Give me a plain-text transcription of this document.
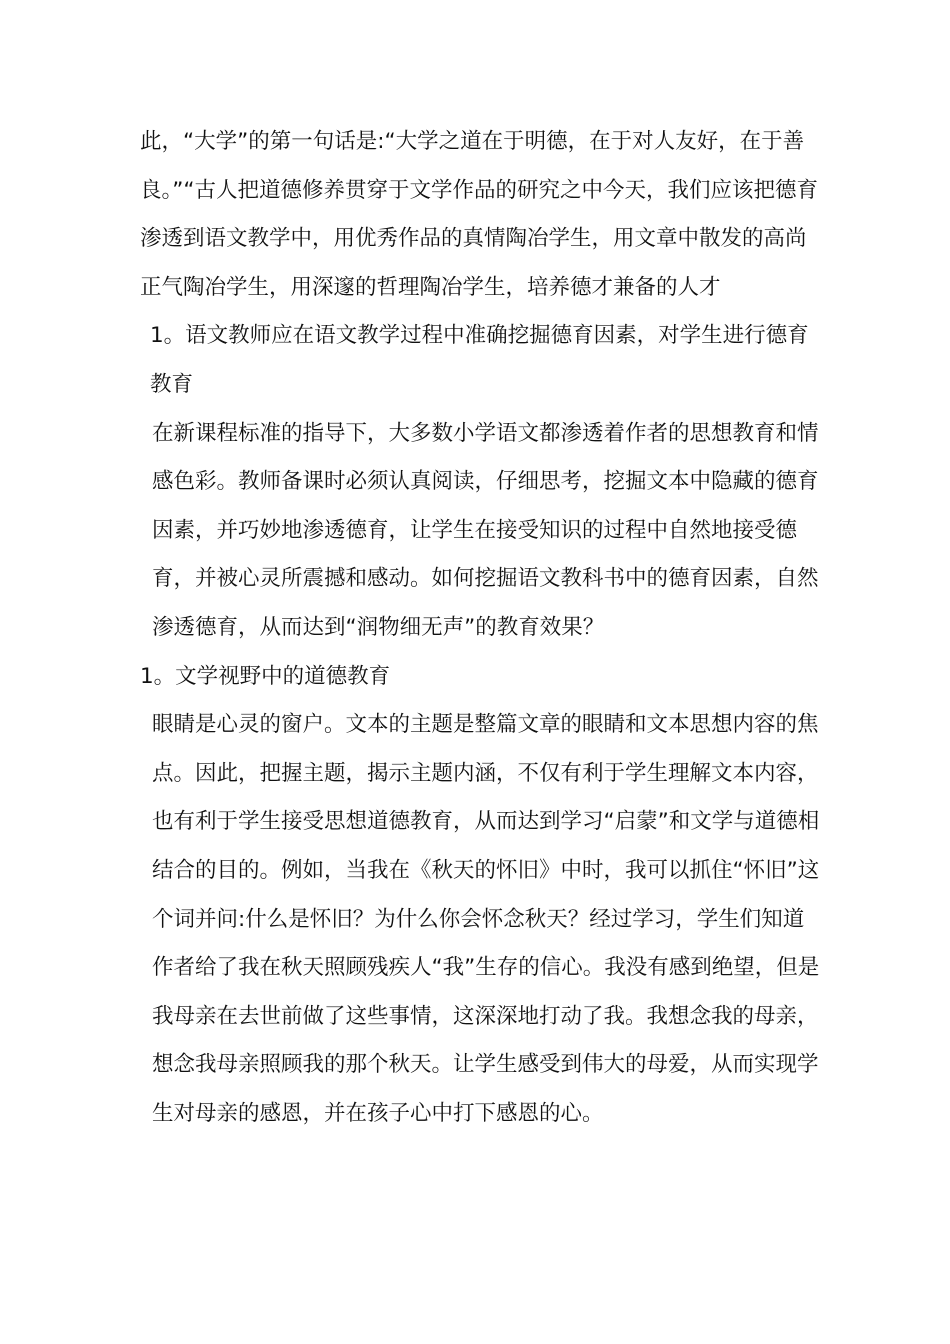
此，“大学”的第一句话是:“大学之道在于明德，在于对人友好，在于善良。”“古人把道德修养贯穿于文学作品的研究之中今天，我们应该把德育渗透到语文教学中，用优秀作品的真情陶冶学生，用文章中散发的高尚正气陶冶学生，用深邃的哲理陶冶学生，培养德才兼备的人才

1。语文教师应在语文教学过程中准确挖掘德育因素，对学生进行德育教育

在新课程标准的指导下，大多数小学语文都渗透着作者的思想教育和情感色彩。教师备课时必须认真阅读，仔细思考，挖掘文本中隐藏的德育因素，并巧妙地渗透德育，让学生在接受知识的过程中自然地接受德育，并被心灵所震撼和感动。如何挖掘语文教科书中的德育因素，自然渗透德育，从而达到“润物细无声”的教育效果？

1。文学视野中的道德教育

眼睛是心灵的窗户。文本的主题是整篇文章的眼睛和文本思想内容的焦点。因此，把握主题，揭示主题内涵，不仅有利于学生理解文本内容，也有利于学生接受思想道德教育，从而达到学习“启蒙”和文学与道德相结合的目的。例如，当我在《秋天的怀旧》中时，我可以抓住“怀旧”这个词并问:什么是怀旧？为什么你会怀念秋天？经过学习，学生们知道作者给了我在秋天照顾残疾人“我”生存的信心。我没有感到绝望，但是我母亲在去世前做了这些事情，这深深地打动了我。我想念我的母亲，想念我母亲照顾我的那个秋天。让学生感受到伟大的母爱，从而实现学生对母亲的感恩，并在孩子心中打下感恩的心。
